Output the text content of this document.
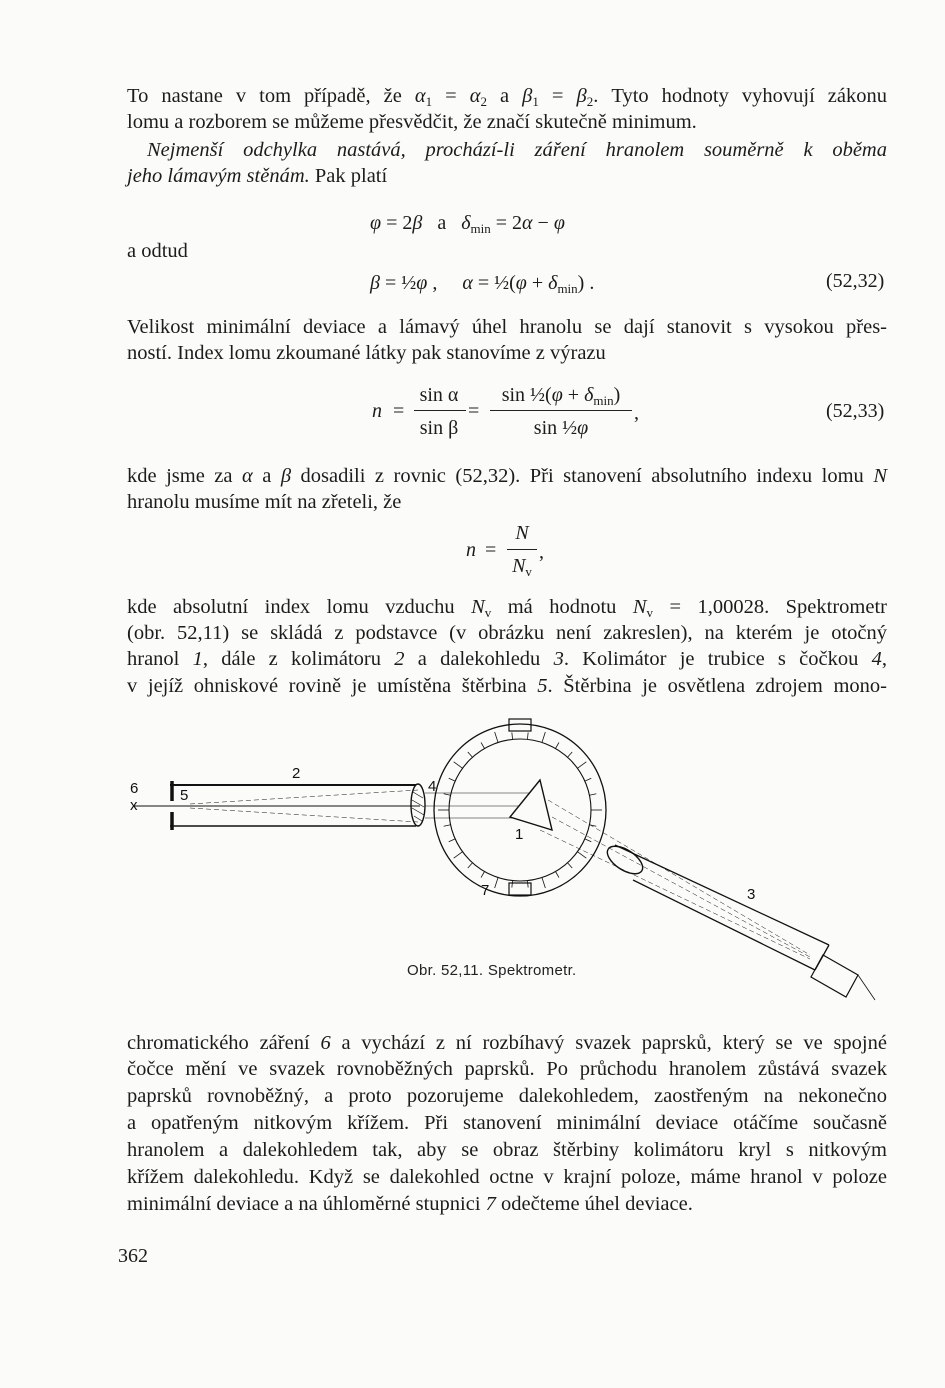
To nastane v tom případě, že $\alpha_1 = \alpha_2$ a $\beta_1 = \beta_2$. Tyto hodnoty vyhovují zákonu
lomu a rozborem se můžeme přesvědčit, že značí skutečně minimum.
Nejmenší odchylka nastává, prochází-li záření hranolem souměrně k oběma
jeho lámavým stěnám. Pak platí
φ = 2β   a   $\delta_{min} = 2\alpha - \varphi$
a odtud
β = ½φ ,     α = ½(φ + $\delta_{min}$) .	(52,32)
Velikost minimální deviace a lámavý úhel hranolu se dají stanovit s vysokou přes-
ností. Index lomu zkoumané látky pak stanovíme z výrazu
n =
sin α
sin β
=
sin ½(φ + $\delta_{min}$)
sin ½φ
,	(52,33)
kde jsme za α a β dosadili z rovnic (52,32). Při stanovení absolutního indexu lomu N
hranolu musíme mít na zřeteli, že
n =
N
$N_v$
,
kde absolutní index lomu vzduchu $N_v$ má hodnotu $N_v = 1,00028$. Spektrometr
(obr. 52,11) se skládá z podstavce (v obrázku není zakreslen), na kterém je otočný
hranol 1, dále z kolimátoru 2 a dalekohledu 3. Kolimátor je trubice s čočkou 4,
v jejíž ohniskové rovině je umístěna štěrbina 5. Štěrbina je osvětlena zdrojem mono-
6
x
5
2
4
1
7	3
Obr. 52,11. Spektrometr.
chromatického záření 6 a vychází z ní rozbíhavý svazek paprsků, který se ve spojné
čočce mění ve svazek rovnoběžných paprsků. Po průchodu hranolem zůstává svazek
paprsků rovnoběžný, a proto pozorujeme dalekohledem, zaostřeným na nekonečno
a opatřeným nitkovým křížem. Při stanovení minimální deviace otáčíme současně
hranolem a dalekohledem tak, aby se obraz štěrbiny kolimátoru kryl s nitkovým
křížem dalekohledu. Když se dalekohled octne v krajní poloze, máme hranol v poloze
minimální deviace a na úhloměrné stupnici 7 odečteme úhel deviace.
362
